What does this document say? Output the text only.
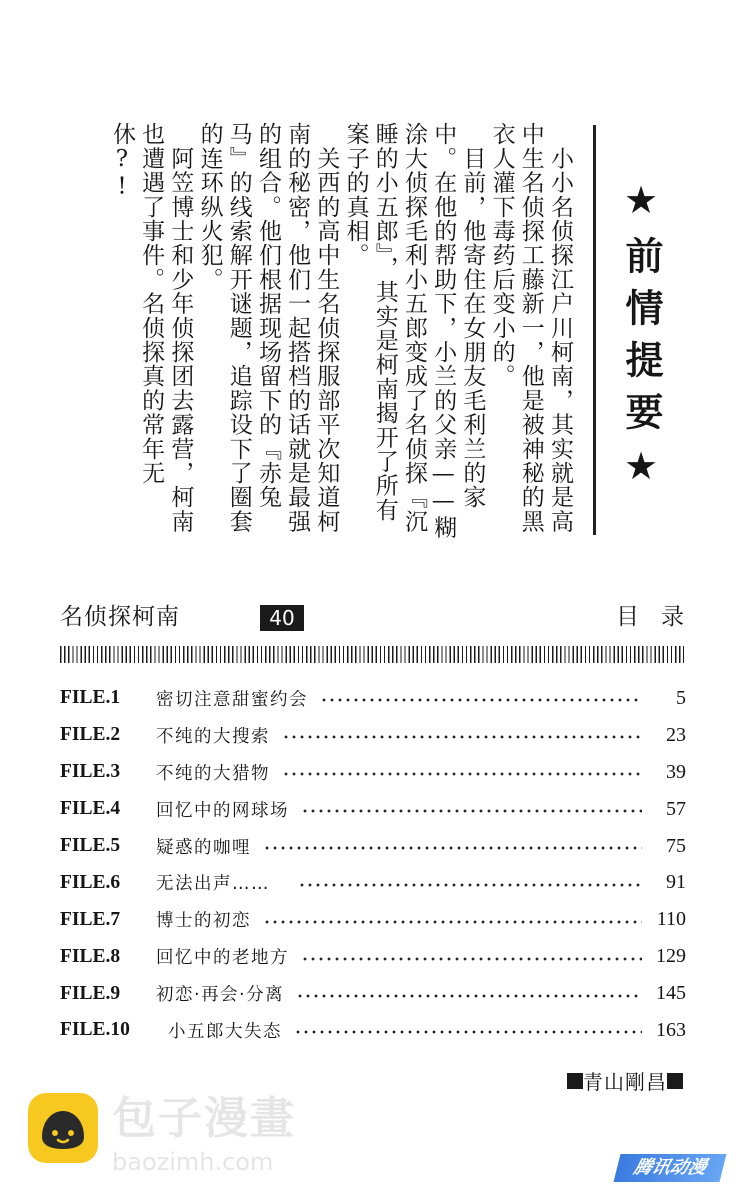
★前情提要★

　小小名侦探江户川柯南，其实就是高中生名侦探工藤新一，他是被神秘的黑衣人灌下毒药后变小的。

　目前，他寄住在女朋友毛利兰的家中。在他的帮助下，小兰的父亲——糊涂大侦探毛利小五郎变成了名侦探『沉睡的小五郎』，其实是柯南揭开了所有案子的真相。

　关西的高中生名侦探服部平次知道柯南的秘密，他们一起搭档的话就是最强的组合。他们根据现场留下的『赤兔马』的线索解开谜题，追踪设下了圈套的连环纵火犯。

　阿笠博士和少年侦探团去露营，柯南也遭遇了事件。名侦探真的常年无休?!

名侦探柯南	40	目录
FILE.1	密切注意甜蜜约会	5
FILE.2	不纯的大搜索	23
FILE.3	不纯的大猎物	39
FILE.4	回忆中的网球场	57
FILE.5	疑惑的咖哩	75
FILE.6	无法出声……	91
FILE.7	博士的初恋	110
FILE.8	回忆中的老地方	129
FILE.9	初恋·再会·分离	145
FILE.10	小五郎大失态	163
青山剛昌
包子漫畫
baozimh.com	腾讯动漫
